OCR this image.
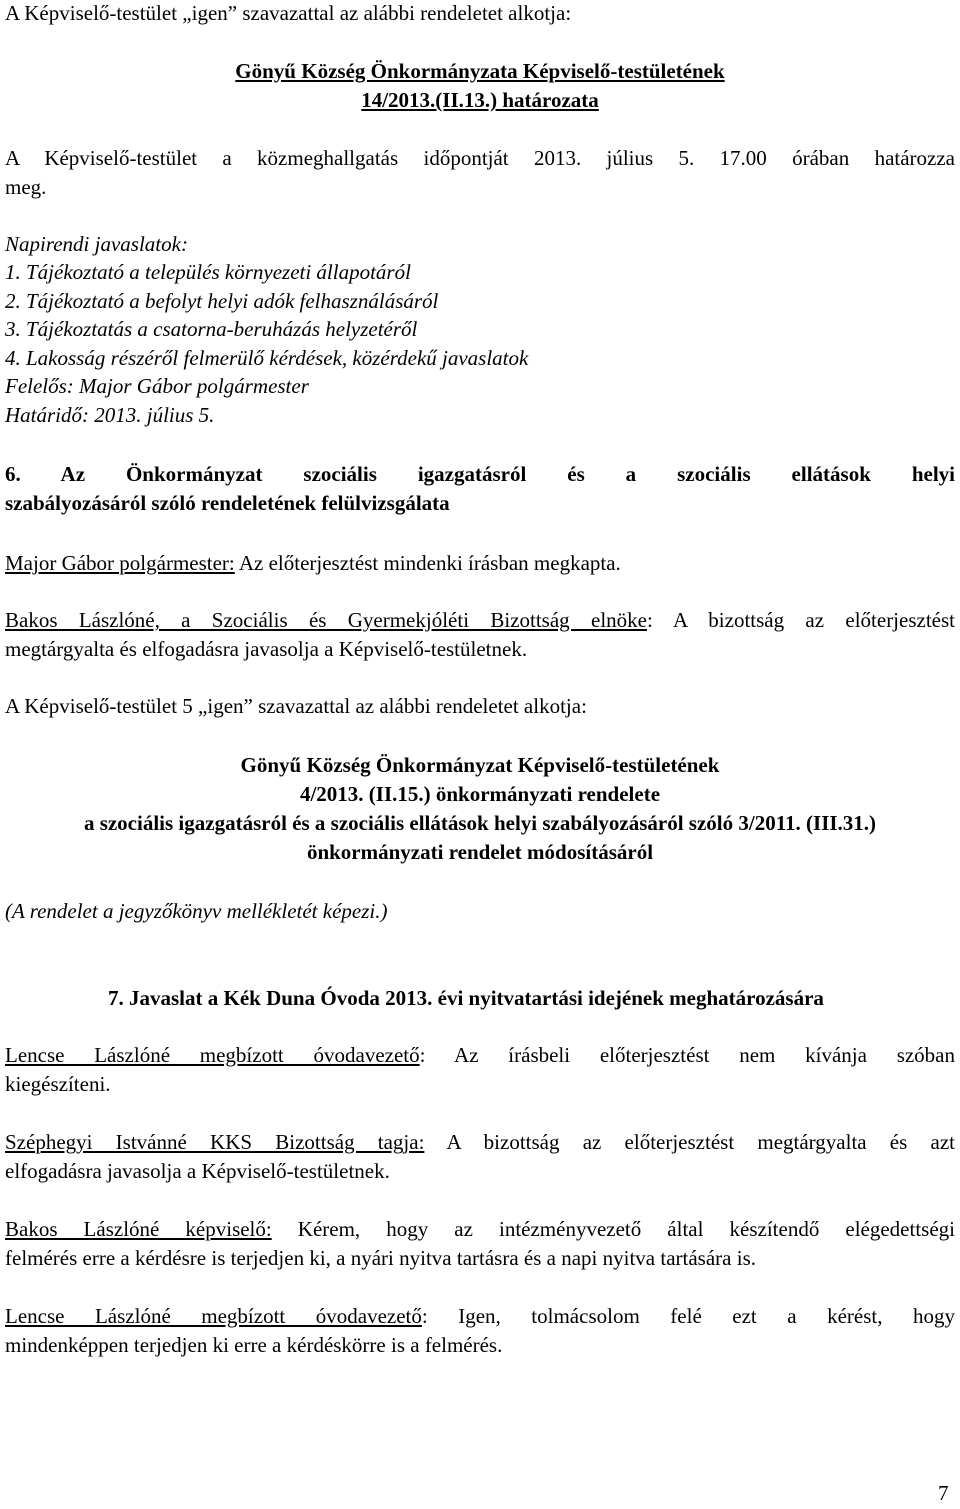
A Képviselő-testület „igen” szavazattal az alábbi rendeletet alkotja:

Gönyű Község Önkormányzata Képviselő-testületének

14/2013.(II.13.) határozata

A Képviselő-testület a közmeghallgatás időpontját 2013. július 5. 17.00 órában határozza

meg.

Napirendi javaslatok:

1. Tájékoztató a település környezeti állapotáról

2. Tájékoztató a befolyt helyi adók felhasználásáról

3. Tájékoztatás a csatorna-beruházás helyzetéről

4. Lakosság részéről felmerülő kérdések, közérdekű javaslatok

Felelős: Major Gábor polgármester

Határidő: 2013. július 5.

6. Az Önkormányzat szociális igazgatásról és a szociális ellátások helyi

szabályozásáról szóló rendeletének felülvizsgálata

Major Gábor polgármester: Az előterjesztést mindenki írásban megkapta.

Bakos Lászlóné, a Szociális és Gyermekjóléti Bizottság elnöke: A bizottság az előterjesztést

megtárgyalta és elfogadásra javasolja a Képviselő-testületnek.

A Képviselő-testület 5 „igen” szavazattal az alábbi rendeletet alkotja:

Gönyű Község Önkormányzat Képviselő-testületének

4/2013. (II.15.) önkormányzati rendelete

a szociális igazgatásról és a szociális ellátások helyi szabályozásáról szóló 3/2011. (III.31.)

önkormányzati rendelet módosításáról

(A rendelet a jegyzőkönyv mellékletét képezi.)

7. Javaslat a Kék Duna Óvoda 2013. évi nyitvatartási idejének meghatározására

Lencse Lászlóné megbízott óvodavezető: Az írásbeli előterjesztést nem kívánja szóban

kiegészíteni.

Széphegyi Istvánné KKS Bizottság tagja: A bizottság az előterjesztést megtárgyalta és azt

elfogadásra javasolja a Képviselő-testületnek.

Bakos Lászlóné képviselő: Kérem, hogy az intézményvezető által készítendő elégedettségi

felmérés erre a kérdésre is terjedjen ki, a nyári nyitva tartásra és a napi nyitva tartására is.

Lencse Lászlóné megbízott óvodavezető: Igen, tolmácsolom felé ezt a kérést, hogy

mindenképpen terjedjen ki erre a kérdéskörre is a felmérés.

7
